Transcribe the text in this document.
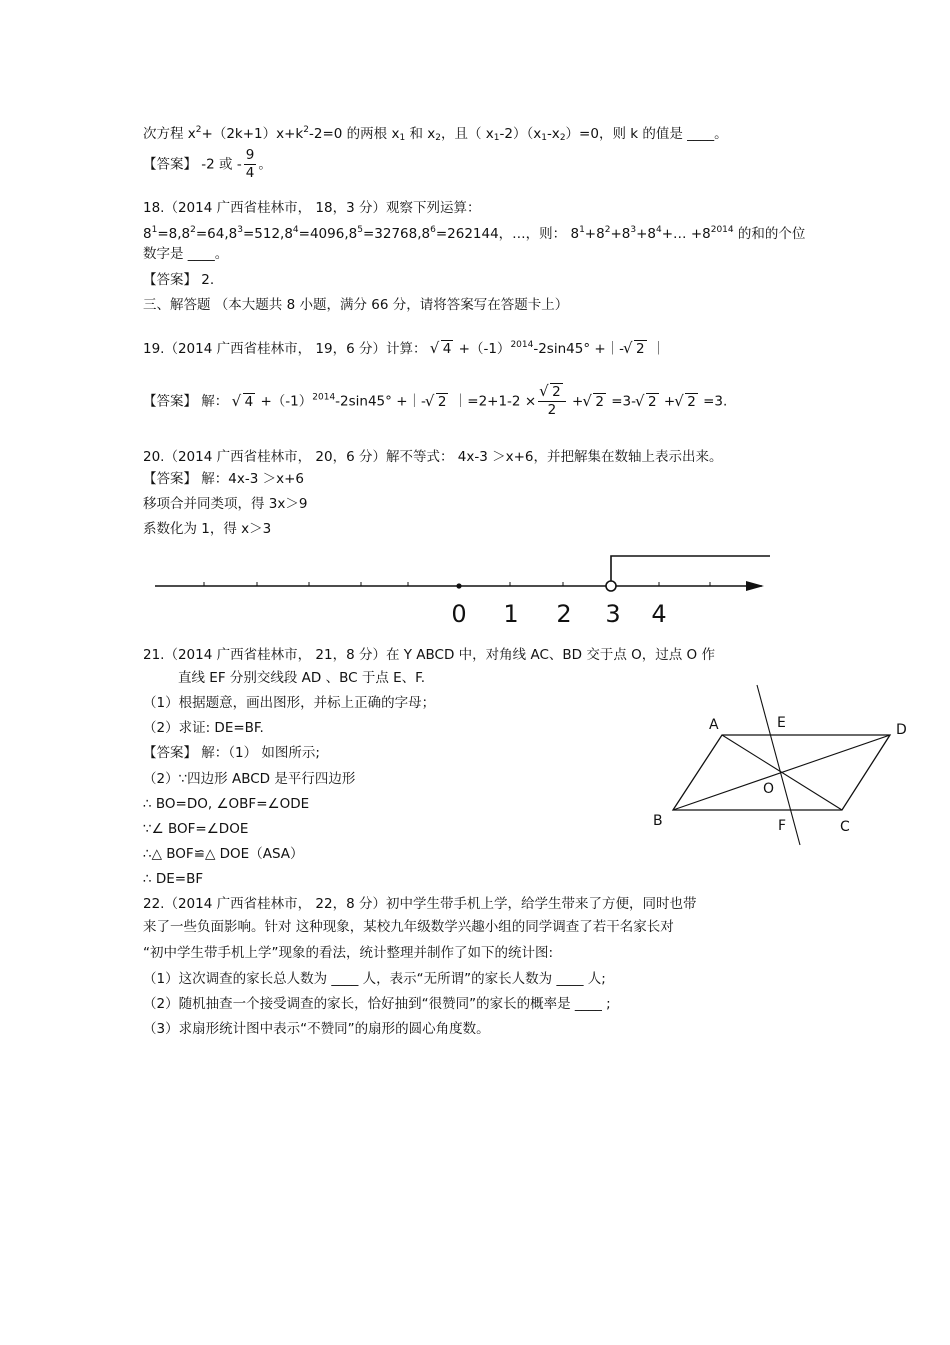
次方程 $x^2+(2k+1)x+k^2-2=0$ 的两根 $x_1$ 和 $x_2$，且（ $x_1-2)(x_1-x_2)=0$，则 k 的值是 ____。
【答案】 -2 或 - $\frac{9}{4}$ 。
18.（2014 广西省桂林市， 18，3 分）观察下列运算：
$8^1=8,8^2=64,8^3=512,8^4=4096,8^5=32768,8^6=262144$，…，则： $8^1+8^2+8^3+8^4+\dots +8^{2014}$ 的和的个位
数字是 ____。
【答案】 2.
三、解答题 （本大题共 8 小题，满分 66 分，请将答案写在答题卡上）
19.（2014 广西省桂林市， 19，6 分）计算： √ $4 +(-1)^{2014}-2\sin 45^\circ$ +｜- √ 2 ｜
【答案】 解： √ $4 +(-1)^{2014}-2\sin 45^\circ$ +｜- √ 2 ｜=2+1-2 × √ $\frac{2}{2}$ + √ 2 =3- √ 2 + √ 2 =3.
20.（2014 广西省桂林市， 20，6 分）解不等式： 4x-3 ＞x+6，并把解集在数轴上表示出来。
【答案】 解：4x-3 ＞x+6
移项合并同类项，得 3x＞9
系数化为 1，得 x＞3
0 1 2 3 4
21.（2014 广西省桂林市， 21，8 分）在 Y ABCD 中，对角线 AC、BD 交于点 O，过点 O 作
直线 EF 分别交线段 AD 、BC 于点 E、F.
（1）根据题意，画出图形，并标上正确的字母；
（2）求证: DE=BF.
【答案】 解：（1） 如图所示;
（2）∵四边形 ABCD 是平行四边形
∴ BO=DO, ∠OBF=∠ODE
∵∠ BOF=∠DOE
∴△ BOF≌△ DOE（ASA）
∴ DE=BF
A	E	D
O
B	F	C
22.（2014 广西省桂林市， 22，8 分）初中学生带手机上学，给学生带来了方便，同时也带
来了一些负面影响。针对 这种现象，某校九年级数学兴趣小组的同学调查了若干名家长对
“初中学生带手机上学”现象的看法，统计整理并制作了如下的统计图:
（1）这次调查的家长总人数为 ____ 人，表示“无所谓”的家长人数为 ____ 人;
（2）随机抽查一个接受调查的家长，恰好抽到“很赞同”的家长的概率是 ____ ;
（3）求扇形统计图中表示“不赞同”的扇形的圆心角度数。
